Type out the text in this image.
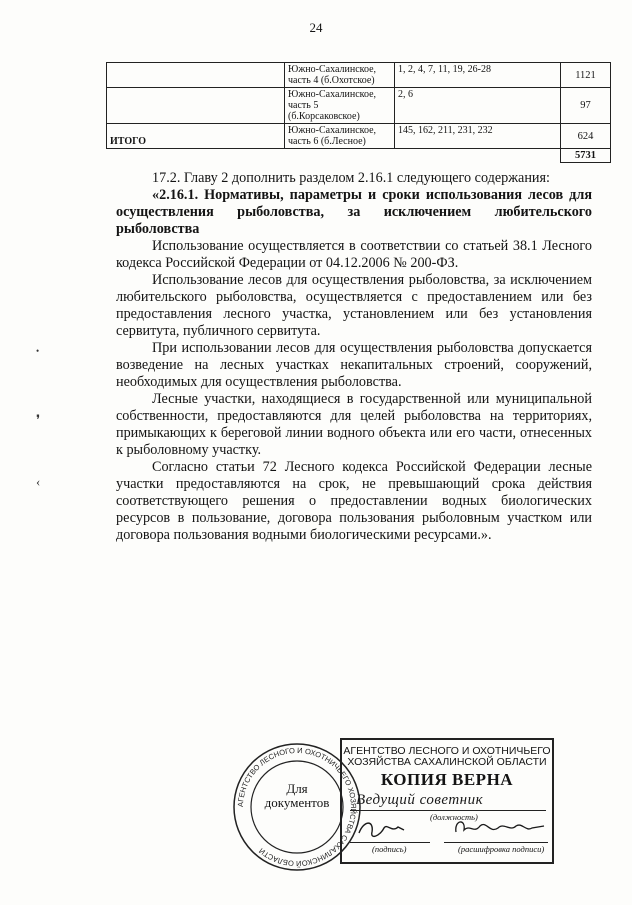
24
	Южно-Сахалинское, часть 4 (б.Охотское)	1, 2, 4, 7, 11, 19, 26-28	1121
	Южно-Сахалинское, часть 5 (б.Корсаковское)	2, 6	97
ИТОГО	Южно-Сахалинское, часть 6 (б.Лесное)	145, 162, 211, 231, 232	624
			5731

17.2. Главу 2 дополнить разделом 2.16.1 следующего содержания:

«2.16.1. Нормативы, параметры и сроки использования лесов для осуществления рыболовства, за исключением любительского рыболовства

Использование осуществляется в соответствии со статьей 38.1 Лесного кодекса Российской Федерации от 04.12.2006 № 200-ФЗ.

Использование лесов для осуществления рыболовства, за исключением любительского рыболовства, осуществляется с предоставлением или без предоставления лесного участка, установлением или без установления сервитута, публичного сервитута.

При использовании лесов для осуществления рыболовства допускается возведение на лесных участках некапитальных строений, сооружений, необходимых для осуществления рыболовства.

Лесные участки, находящиеся в государственной или муниципальной собственности, предоставляются для целей рыболовства на территориях, примыкающих к береговой линии водного объекта или его части, отнесенных к рыболовному участку.

Согласно статьи 72 Лесного кодекса Российской Федерации лесные участки предоставляются на срок, не превышающий срока действия соответствующего решения о предоставлении водных биологических ресурсов в пользование, договора пользования рыболовным участком или договора пользования водными биологическими ресурсами.».

•
❜
‹
АГЕНТСТВО ЛЕСНОГО И ОХОТНИЧЬЕГО ХОЗЯЙСТВА САХАЛИНСКОЙ ОБЛАСТИ
Для
документов
АГЕНТСТВО ЛЕСНОГО И ОХОТНИЧЬЕГО
ХОЗЯЙСТВА САХАЛИНСКОЙ ОБЛАСТИ
КОПИЯ ВЕРНА
Ведущий советник
(должность)
(подпись)	(расшифровка подписи)
